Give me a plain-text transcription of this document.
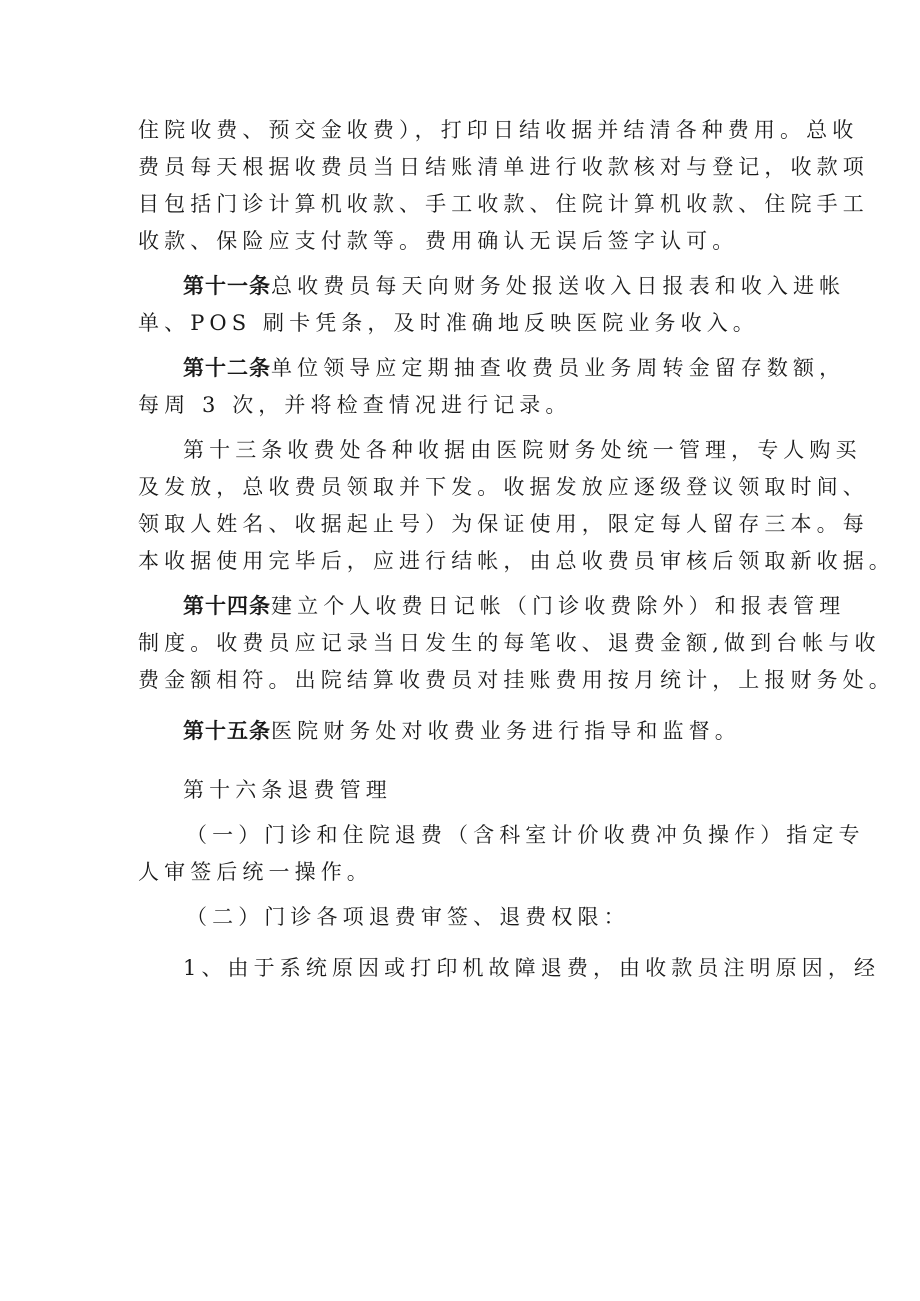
住院收费、预交金收费），打印日结收据并结清各种费用。总收
费员每天根据收费员当日结账清单进行收款核对与登记，收款项
目包括门诊计算机收款、手工收款、住院计算机收款、住院手工
收款、保险应支付款等。费用确认无误后签字认可。
第十一条总收费员每天向财务处报送收入日报表和收入进帐
单、POS 刷卡凭条，及时准确地反映医院业务收入。
第十二条单位领导应定期抽查收费员业务周转金留存数额，
每周 3 次，并将检查情况进行记录。
第十三条收费处各种收据由医院财务处统一管理，专人购买
及发放，总收费员领取并下发。收据发放应逐级登议领取时间、
领取人姓名、收据起止号）为保证使用，限定每人留存三本。每
本收据使用完毕后，应进行结帐，由总收费员审核后领取新收据。
第十四条建立个人收费日记帐（门诊收费除外）和报表管理
制度。收费员应记录当日发生的每笔收、退费金额,做到台帐与收
费金额相符。出院结算收费员对挂账费用按月统计，上报财务处。
第十五条医院财务处对收费业务进行指导和监督。
第十六条退费管理
（一）门诊和住院退费（含科室计价收费冲负操作）指定专
人审签后统一操作。
（二）门诊各项退费审签、退费权限：
1、由于系统原因或打印机故障退费，由收款员注明原因，经
